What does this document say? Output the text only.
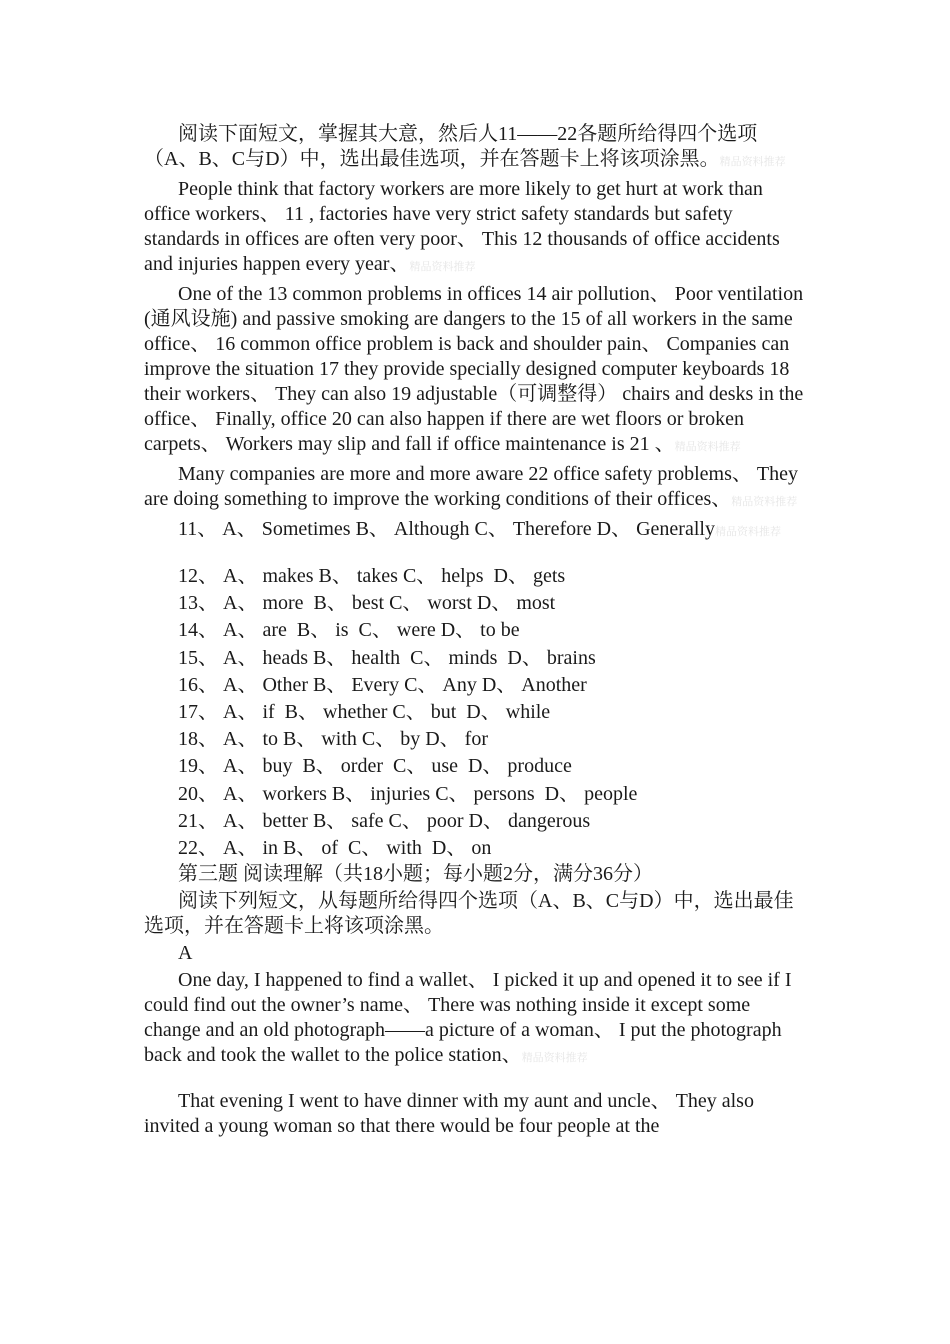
阅读下面短文，掌握其大意，然后人11——22各题所给得四个选项（A、B、C与D）中，选出最佳选项，并在答题卡上将该项涂黑。精品资料推荐

People think that factory workers are more likely to get hurt at work than office workers、 11 , factories have very strict safety standards but safety standards in offices are often very poor、 This 12 thousands of office accidents and injuries happen every year、精品资料推荐

One of the 13 common problems in offices 14 air pollution、 Poor ventilation (通风设施) and passive smoking are dangers to the 15 of all workers in the same office、 16 common office problem is back and shoulder pain、 Companies can improve the situation 17 they provide specially designed computer keyboards 18 their workers、 They can also 19 adjustable（可调整得） chairs and desks in the office、 Finally, office 20 can also happen if there are wet floors or broken carpets、 Workers may slip and fall if office maintenance is 21 、精品资料推荐

Many companies are more and more aware 22 office safety problems、 They are doing something to improve the working conditions of their offices、精品资料推荐

11、 A、 Sometimes B、 Although C、 Therefore D、 Generally精品资料推荐

12、 A、 makes B、 takes C、 helps  D、 gets
13、 A、 more  B、 best C、 worst D、 most
14、 A、 are  B、 is  C、 were D、 to be
15、 A、 heads B、 health  C、 minds  D、 brains
16、 A、 Other B、 Every C、 Any D、 Another
17、 A、 if  B、 whether C、 but  D、 while
18、 A、 to B、 with C、 by D、 for
19、 A、 buy  B、 order  C、 use  D、 produce
20、 A、 workers B、 injuries C、 persons  D、 people
21、 A、 better B、 safe C、 poor D、 dangerous
22、 A、 in B、 of  C、 with  D、 on

第三题 阅读理解（共18小题；每小题2分，满分36分）

阅读下列短文，从每题所给得四个选项（A、B、C与D）中，选出最佳选项，并在答题卡上将该项涂黑。

A

One day, I happened to find a wallet、 I picked it up and opened it to see if I could find out the owner’s name、 There was nothing inside it except some change and an old photograph——a picture of a woman、 I put the photograph back and took the wallet to the police station、精品资料推荐

That evening I went to have dinner with my aunt and uncle、 They also invited a young woman so that there would be four people at the
